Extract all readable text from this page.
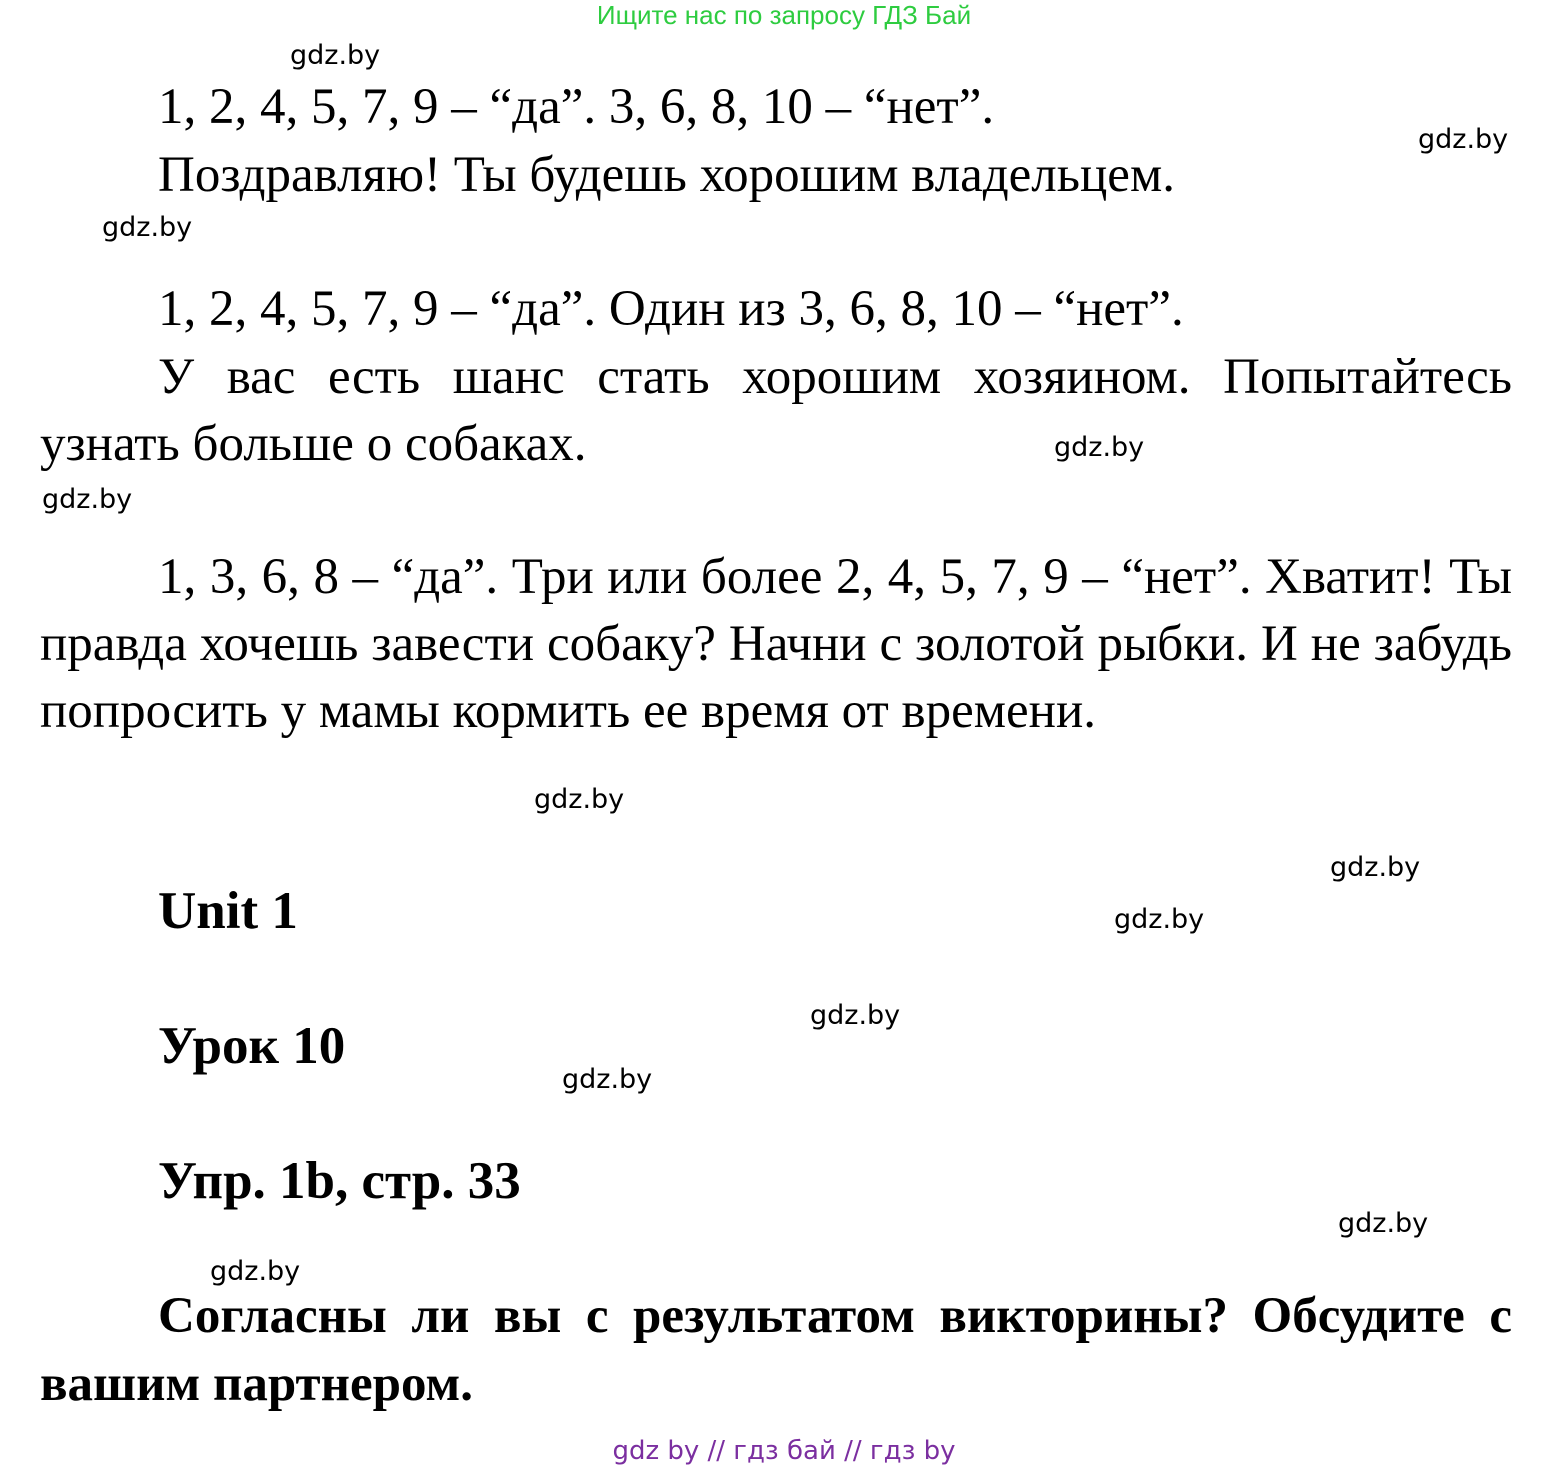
Ищите нас по запросу ГДЗ Бай
1, 2, 4, 5, 7, 9 – “да”. 3, 6, 8, 10 – “нет”.
Поздравляю! Ты будешь хорошим владельцем.
1, 2, 4, 5, 7, 9 – “да”. Один из 3, 6, 8, 10 – “нет”.

У вас есть шанс стать хорошим хозяином. Попытайтесь узнать больше о собаках.

1, 3, 6, 8 – “да”. Три или более 2, 4, 5, 7, 9 – “нет”. Хватит! Ты правда хочешь завести собаку? Начни с золотой рыбки. И не забудь попросить у мамы кормить ее время от времени.

Unit 1
Урок 10
Упр. 1b, стр. 33

Согласны ли вы с результатом викторины? Обсудите с вашим партнером.

gdz.by
gdz.by
gdz.by
gdz.by
gdz.by
gdz.by
gdz.by
gdz.by
gdz.by
gdz.by
gdz.by
gdz.by
gdz by // гдз бай // гдз by
